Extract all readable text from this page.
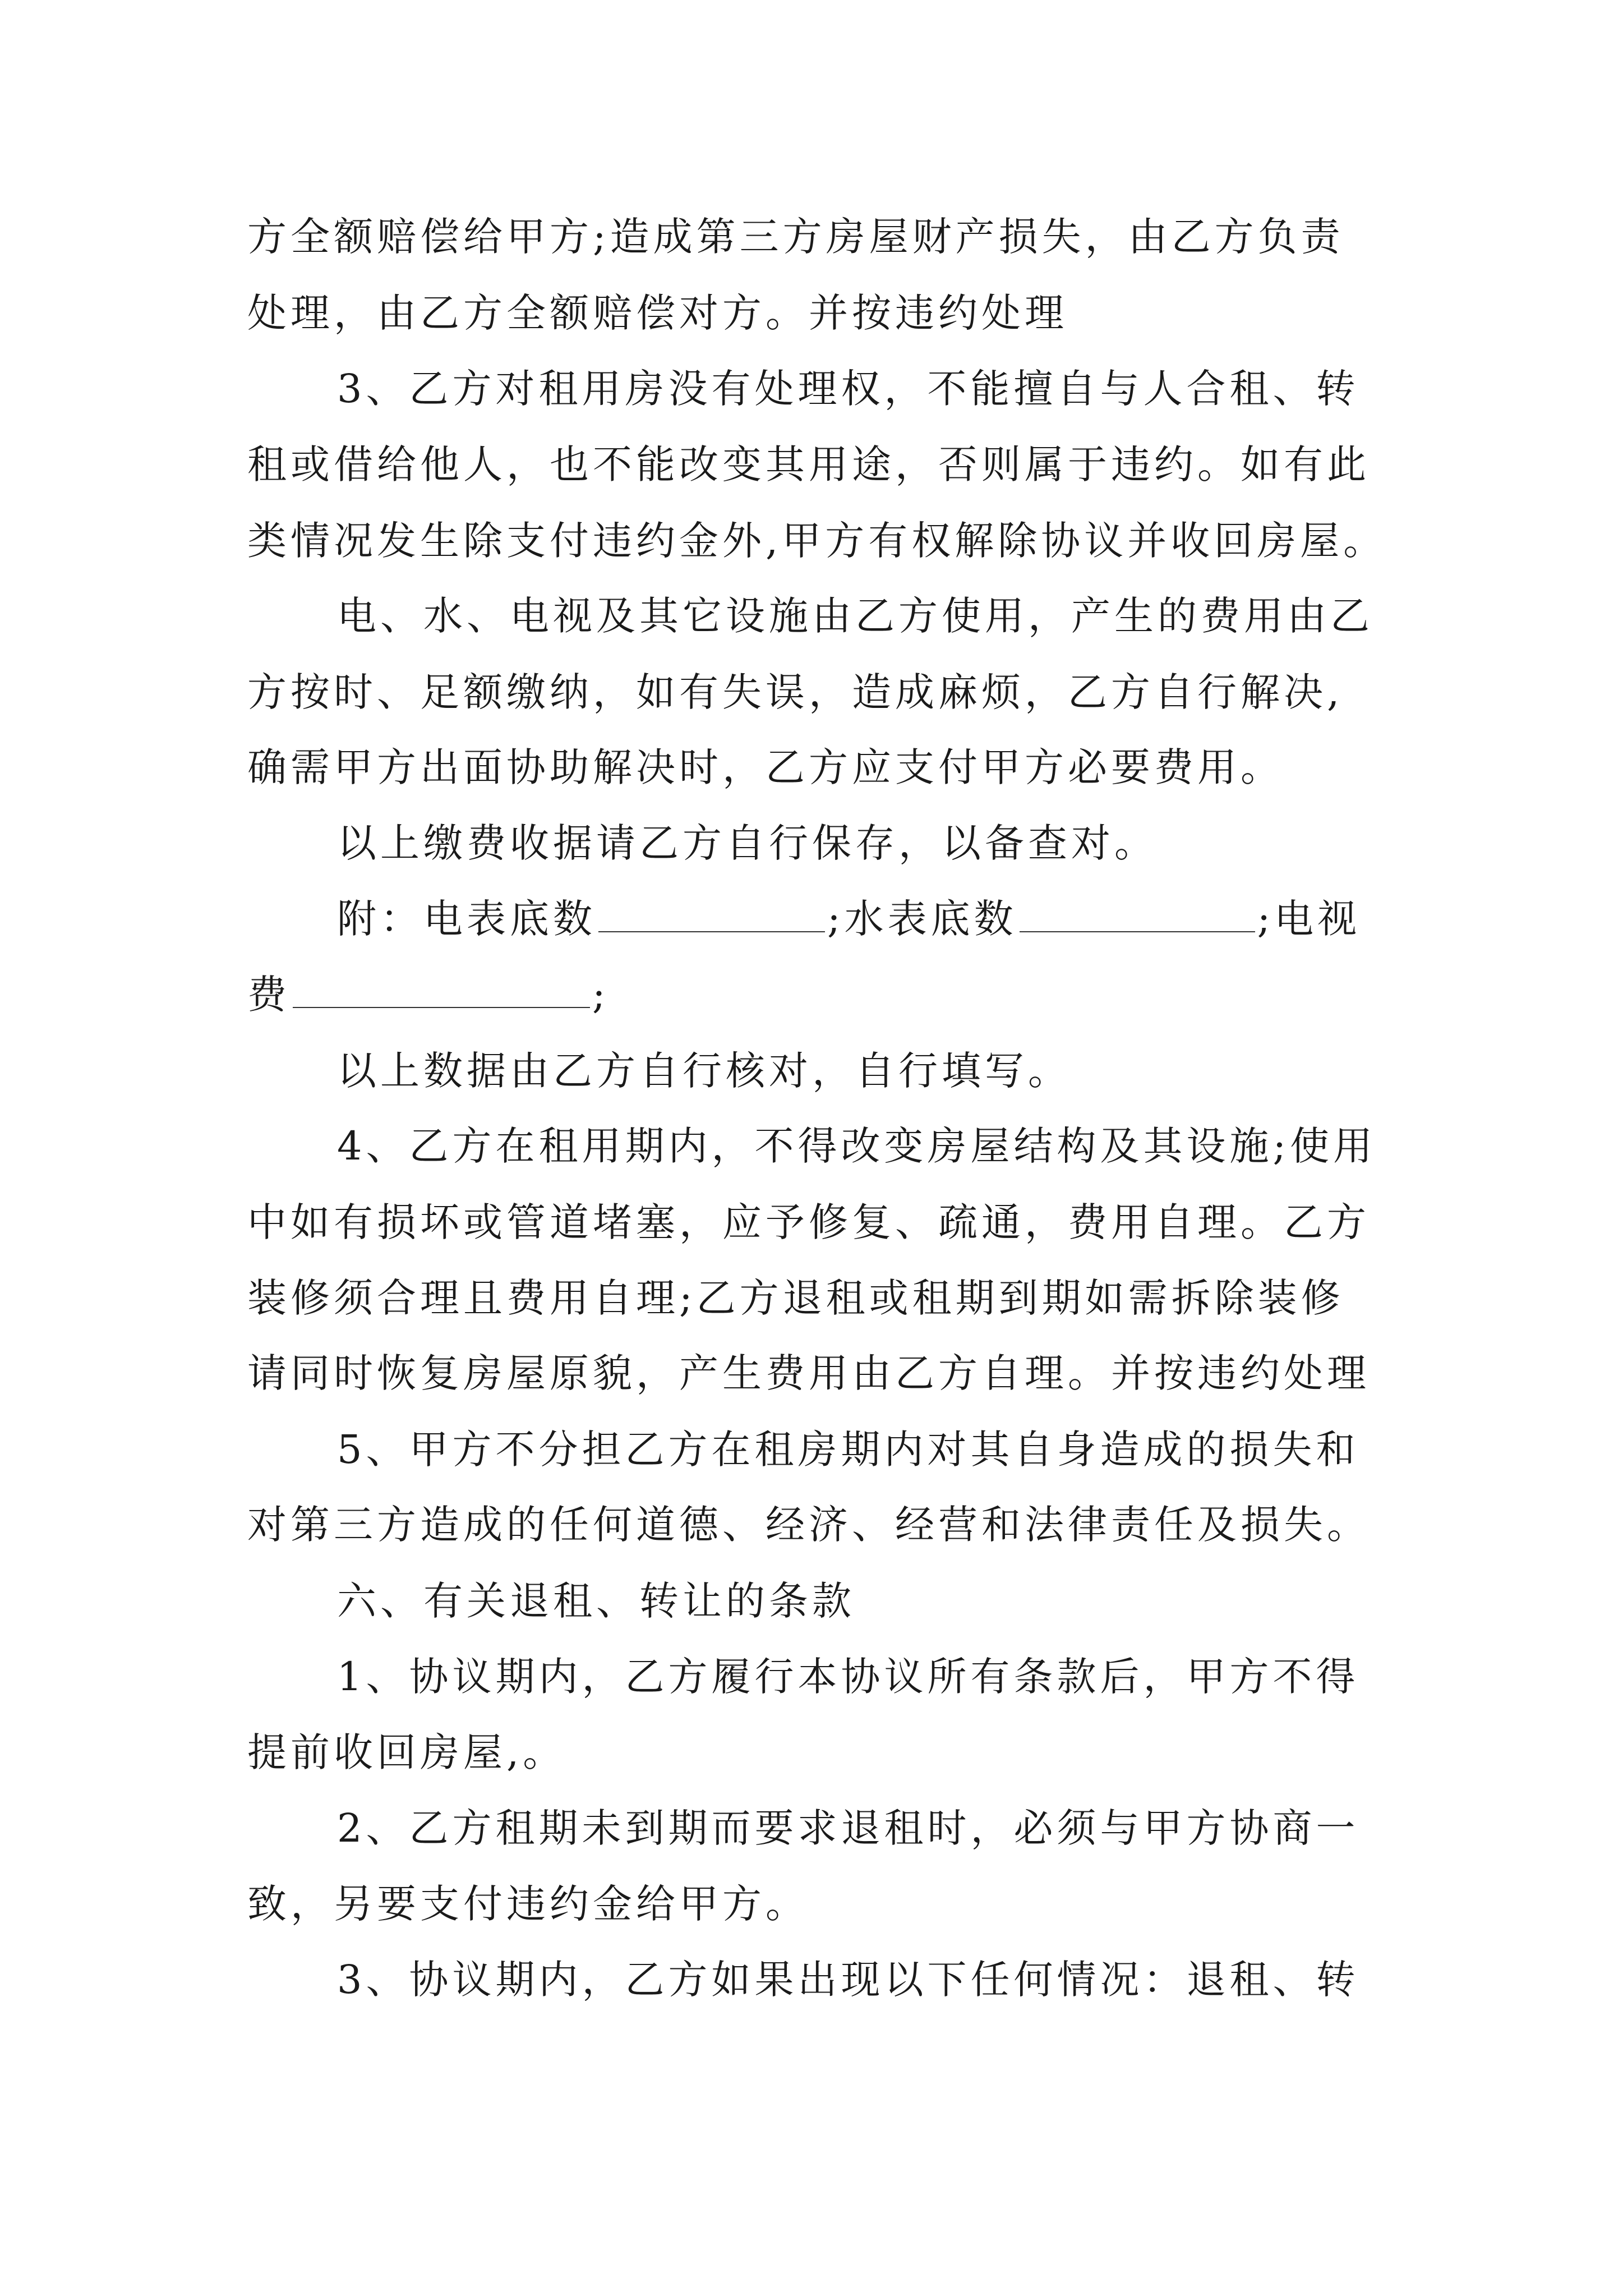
方全额赔偿给甲方;造成第三方房屋财产损失，由乙方负责
处理，由乙方全额赔偿对方。并按违约处理
3、乙方对租用房没有处理权，不能擅自与人合租、转
租或借给他人，也不能改变其用途，否则属于违约。如有此
类情况发生除支付违约金外,甲方有权解除协议并收回房屋。
电、水、电视及其它设施由乙方使用，产生的费用由乙
方按时、足额缴纳，如有失误，造成麻烦，乙方自行解决,
确需甲方出面协助解决时，乙方应支付甲方必要费用。
以上缴费收据请乙方自行保存，以备查对。
附：电表底数	;水表底数	;电视
费	;
以上数据由乙方自行核对，自行填写。
4、乙方在租用期内，不得改变房屋结构及其设施;使用
中如有损坏或管道堵塞，应予修复、疏通，费用自理。乙方
装修须合理且费用自理;乙方退租或租期到期如需拆除装修
请同时恢复房屋原貌，产生费用由乙方自理。并按违约处理
5、甲方不分担乙方在租房期内对其自身造成的损失和
对第三方造成的任何道德、经济、经营和法律责任及损失。
六、有关退租、转让的条款
1、协议期内，乙方履行本协议所有条款后，甲方不得
提前收回房屋,。
2、乙方租期未到期而要求退租时，必须与甲方协商一
致，另要支付违约金给甲方。
3、协议期内，乙方如果出现以下任何情况：退租、转
